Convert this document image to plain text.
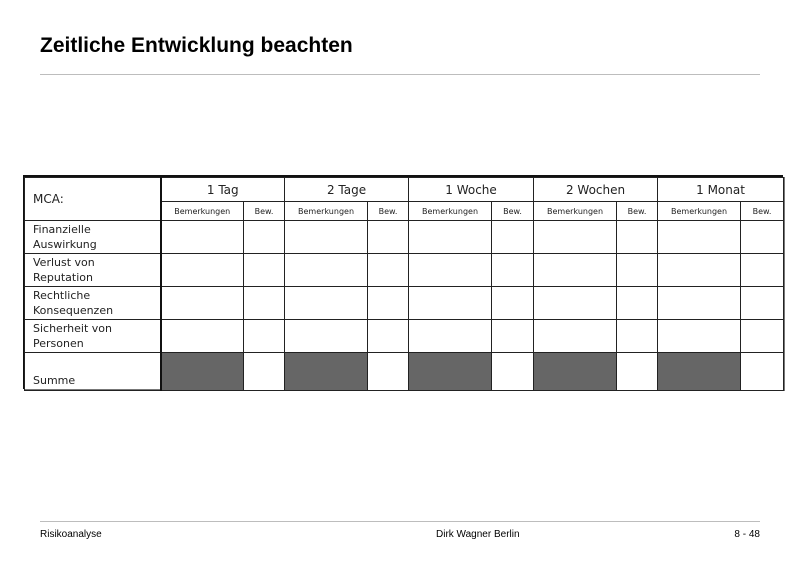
Zeitliche Entwicklung beachten
MCA:	1 Tag		2 Tage		1 Woche		2 Wochen		1 Monat	
	Bemerkungen	Bew.	Bemerkungen	Bew.	Bemerkungen	Bew.	Bemerkungen	Bew.	Bemerkungen	Bew.
Finanzielle
Auswirkung										
Verlust von
Reputation										
Rechtliche
Konsequenzen										
Sicherheit von
Personen										
Summe										
Risikoanalyse	Dirk Wagner Berlin	8 - 48
